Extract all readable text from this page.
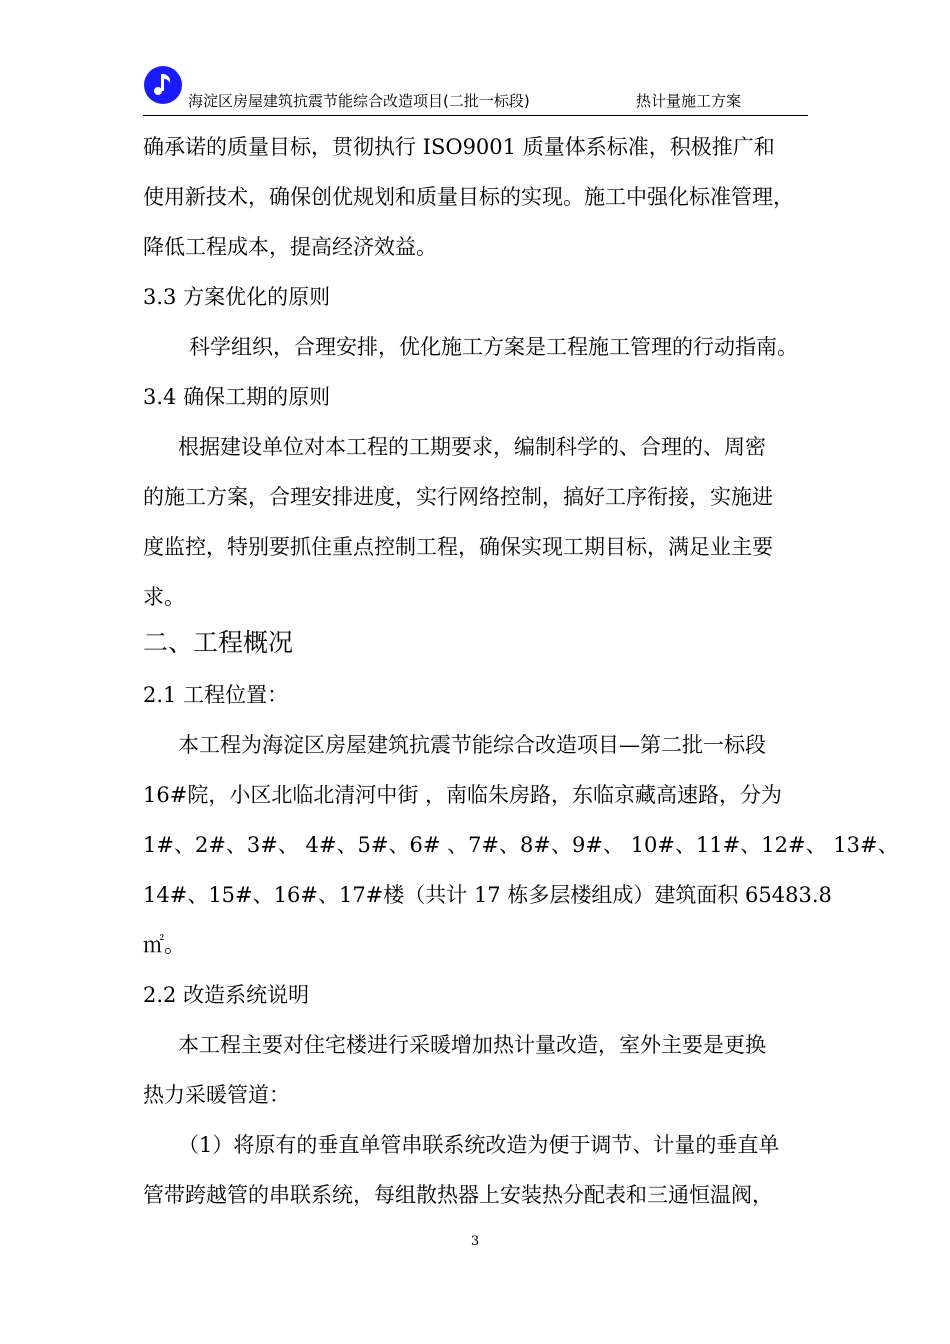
海淀区房屋建筑抗震节能综合改造项目(二批一标段)	热计量施工方案
确承诺的质量目标，贯彻执行 ISO9001 质量体系标准，积极推广和
使用新技术，确保创优规划和质量目标的实现。施工中强化标准管理，
降低工程成本，提高经济效益。
3.3 方案优化的原则
科学组织，合理安排，优化施工方案是工程施工管理的行动指南。
3.4 确保工期的原则
根据建设单位对本工程的工期要求，编制科学的、合理的、周密
的施工方案，合理安排进度，实行网络控制，搞好工序衔接，实施进
度监控，特别要抓住重点控制工程，确保实现工期目标，满足业主要
求。
二、工程概况
2.1 工程位置：
本工程为海淀区房屋建筑抗震节能综合改造项目—第二批一标段
16#院，小区北临北清河中街 ，南临朱房路，东临京藏高速路，分为
1#、2#、3#、 4#、5#、6# 、7#、8#、9#、 10#、11#、12#、 13#、
14#、15#、16#、17#楼（共计 17 栋多层楼组成）建筑面积 65483.8
㎡。
2.2 改造系统说明
本工程主要对住宅楼进行采暖增加热计量改造，室外主要是更换
热力采暖管道：
（1）将原有的垂直单管串联系统改造为便于调节、计量的垂直单
管带跨越管的串联系统，每组散热器上安装热分配表和三通恒温阀，
3
